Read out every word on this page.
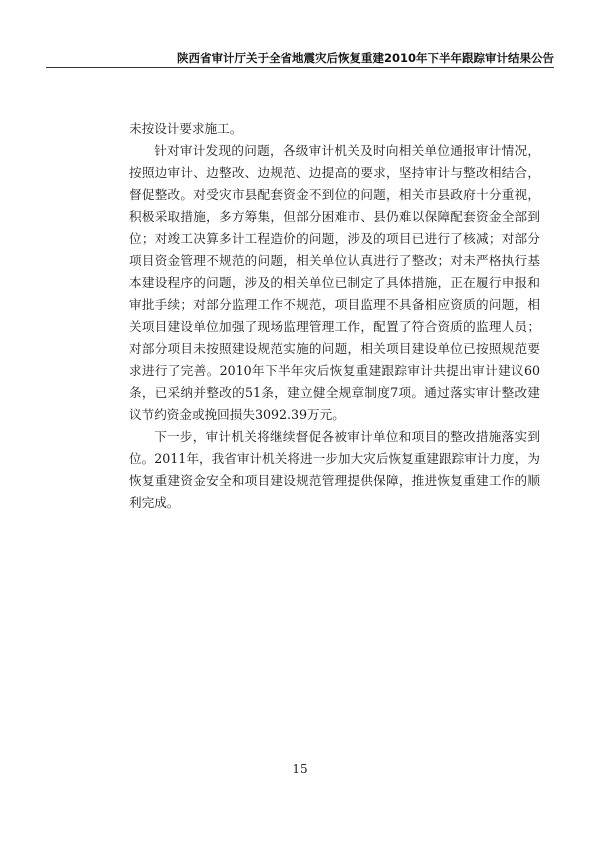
陕西省审计厅关于全省地震灾后恢复重建2010年下半年跟踪审计结果公告

未按设计要求施工。

针对审计发现的问题，各级审计机关及时向相关单位通报审计情况，按照边审计、边整改、边规范、边提高的要求，坚持审计与整改相结合，督促整改。对受灾市县配套资金不到位的问题，相关市县政府十分重视，积极采取措施，多方筹集，但部分困难市、县仍难以保障配套资金全部到位；对竣工决算多计工程造价的问题，涉及的项目已进行了核减；对部分项目资金管理不规范的问题，相关单位认真进行了整改；对未严格执行基本建设程序的问题，涉及的相关单位已制定了具体措施，正在履行申报和审批手续；对部分监理工作不规范，项目监理不具备相应资质的问题，相关项目建设单位加强了现场监理管理工作，配置了符合资质的监理人员；对部分项目未按照建设规范实施的问题，相关项目建设单位已按照规范要求进行了完善。2010年下半年灾后恢复重建跟踪审计共提出审计建议60条，已采纳并整改的51条，建立健全规章制度7项。通过落实审计整改建议节约资金或挽回损失3092.39万元。

下一步，审计机关将继续督促各被审计单位和项目的整改措施落实到位。2011年，我省审计机关将进一步加大灾后恢复重建跟踪审计力度，为恢复重建资金安全和项目建设规范管理提供保障，推进恢复重建工作的顺利完成。

15
